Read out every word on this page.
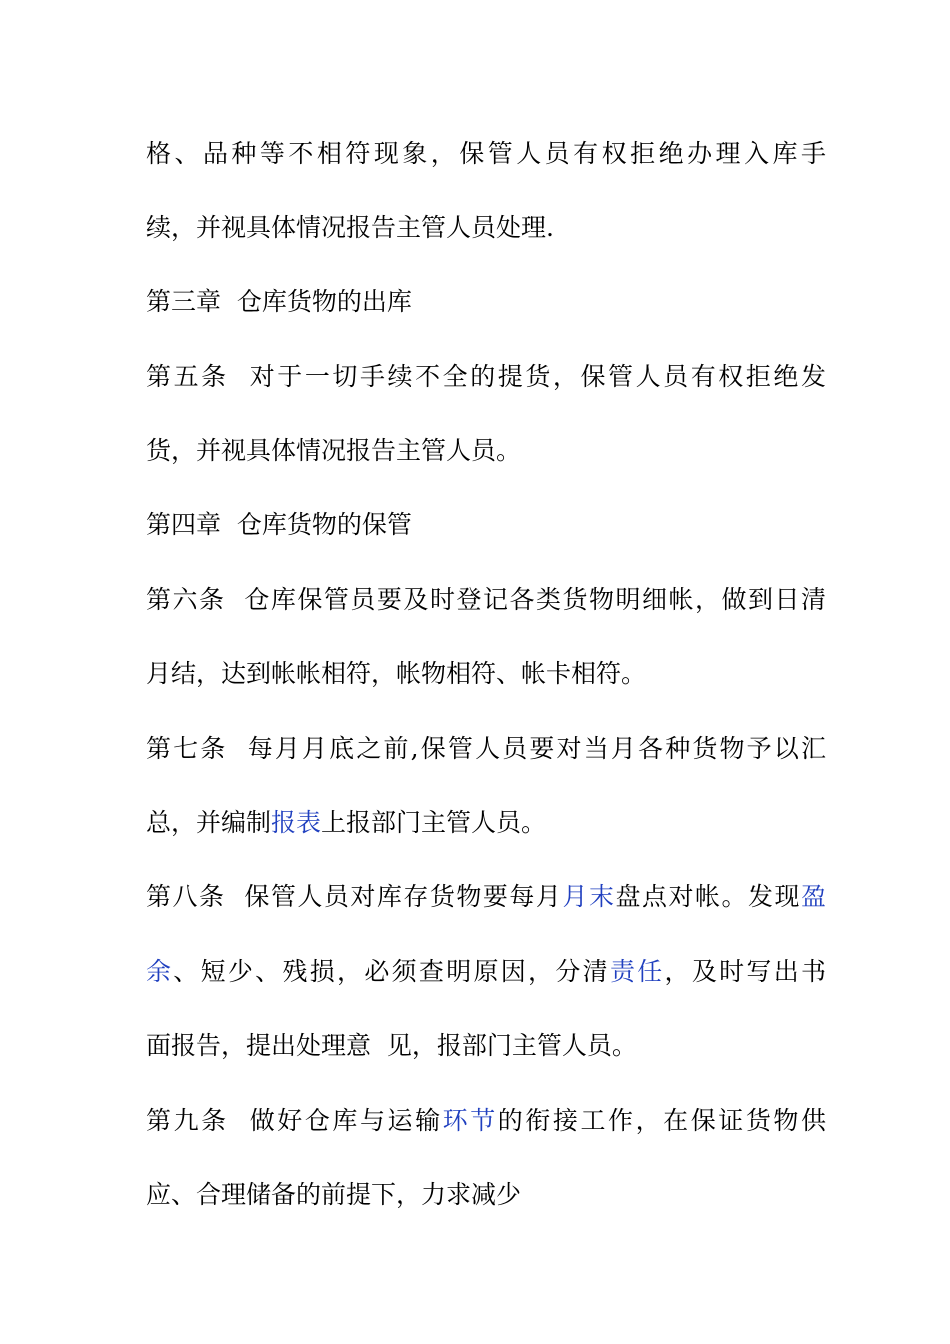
格、品种等不相符现象，保管人员有权拒绝办理入库手
续，并视具体情况报告主管人员处理.
第三章  仓库货物的出库
第五条  对于一切手续不全的提货，保管人员有权拒绝发
货，并视具体情况报告主管人员。
第四章  仓库货物的保管
第六条  仓库保管员要及时登记各类货物明细帐，做到日清
月结，达到帐帐相符，帐物相符、帐卡相符。
第七条  每月月底之前,保管人员要对当月各种货物予以汇
总，并编制报表上报部门主管人员。
第八条  保管人员对库存货物要每月月末盘点对帐。发现盈
余、短少、残损，必须查明原因，分清责任，及时写出书
面报告，提出处理意  见，报部门主管人员。
第九条  做好仓库与运输环节的衔接工作，在保证货物供
应、合理储备的前提下，力求减少
